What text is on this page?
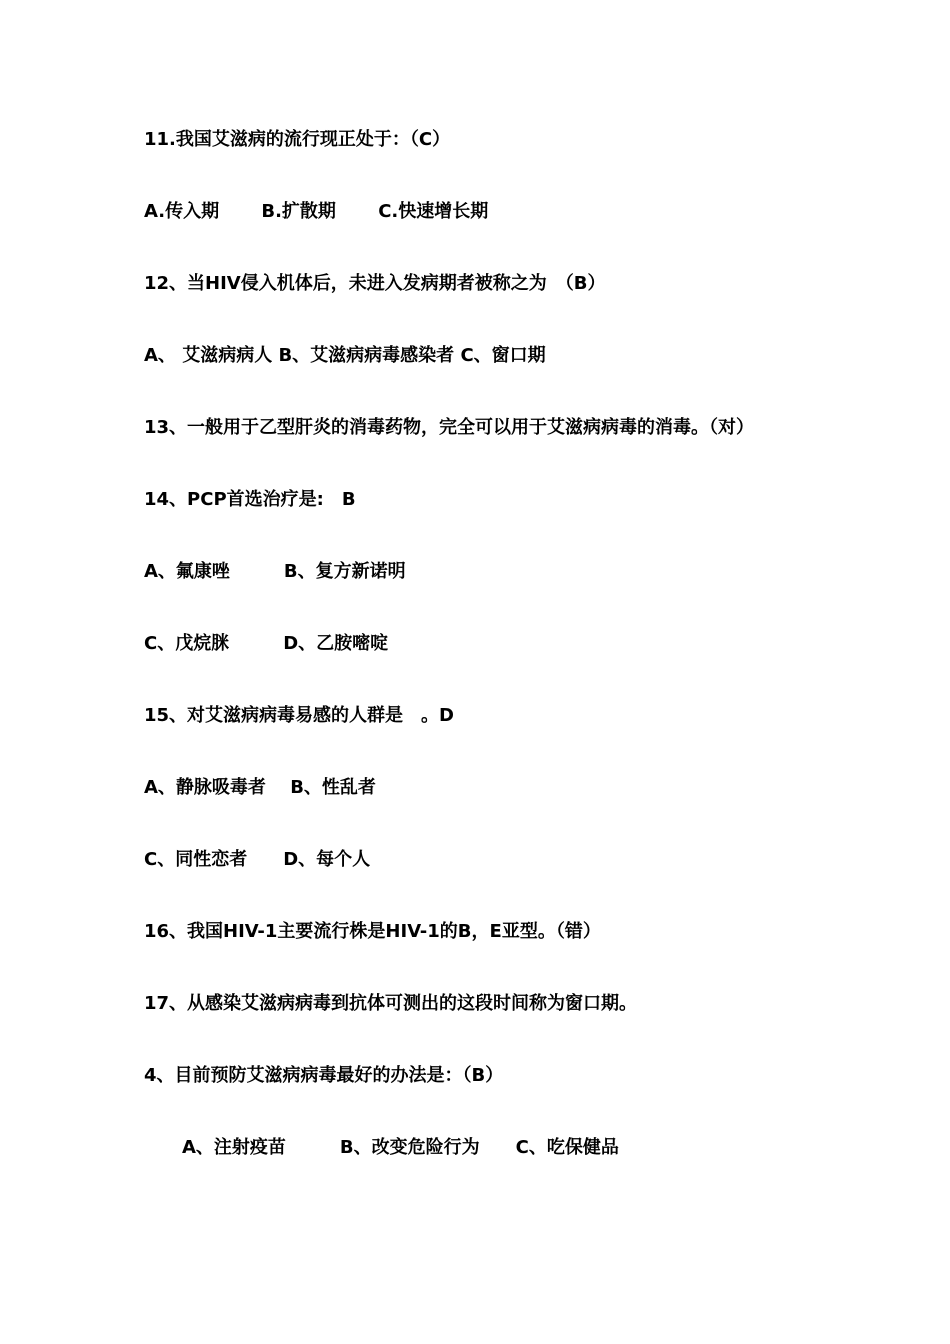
11.我国艾滋病的流行现正处于：（C）
A.传入期　　 B.扩散期　　 C.快速增长期
12、当HIV侵入机体后，未进入发病期者被称之为　（B）
A、 艾滋病病人 B、艾滋病病毒感染者 C、窗口期
13、一般用于乙型肝炎的消毒药物，完全可以用于艾滋病病毒的消毒。（对）
14、PCP首选治疗是:　B
A、氟康唑　　　B、复方新诺明
C、戊烷脒　　　D、乙胺嘧啶
15、对艾滋病病毒易感的人群是　。D
A、静脉吸毒者　 B、性乱者
C、同性恋者　　D、每个人
16、我国HIV-1主要流行株是HIV-1的B，E亚型。（错）
17、从感染艾滋病病毒到抗体可测出的这段时间称为窗口期。
4、目前预防艾滋病病毒最好的办法是：（B）
A、注射疫苗　　　B、改变危险行为　　C、吃保健品
